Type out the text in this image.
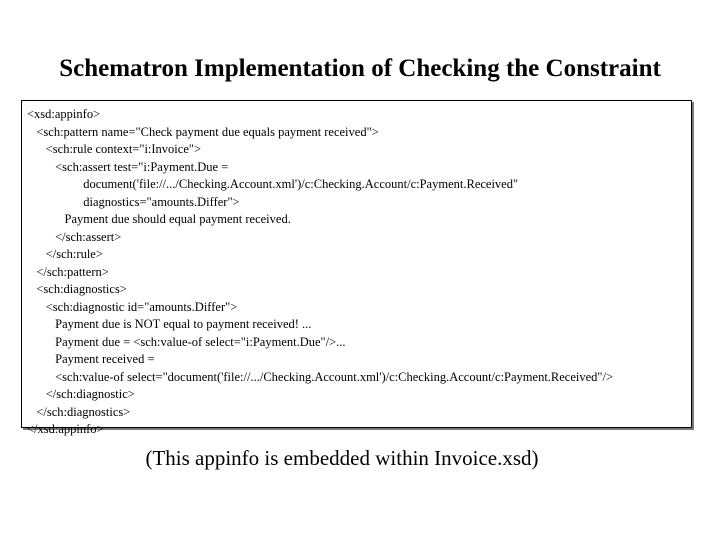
Schematron Implementation of Checking the Constraint
<xsd:appinfo>
<sch:pattern name="Check payment due equals payment received">
<sch:rule context="i:Invoice">
<sch:assert test="i:Payment.Due =
document('file://.../Checking.Account.xml')/c:Checking.Account/c:Payment.Received"
diagnostics="amounts.Differ">
Payment due should equal payment received.
</sch:assert>
</sch:rule>
</sch:pattern>
<sch:diagnostics>
<sch:diagnostic id="amounts.Differ">
Payment due is NOT equal to payment received! ...
Payment due = <sch:value-of select="i:Payment.Due"/>...
Payment received =
<sch:value-of select="document('file://.../Checking.Account.xml')/c:Checking.Account/c:Payment.Received"/>
</sch:diagnostic>
</sch:diagnostics>
</xsd:appinfo>
(This appinfo is embedded within Invoice.xsd)
